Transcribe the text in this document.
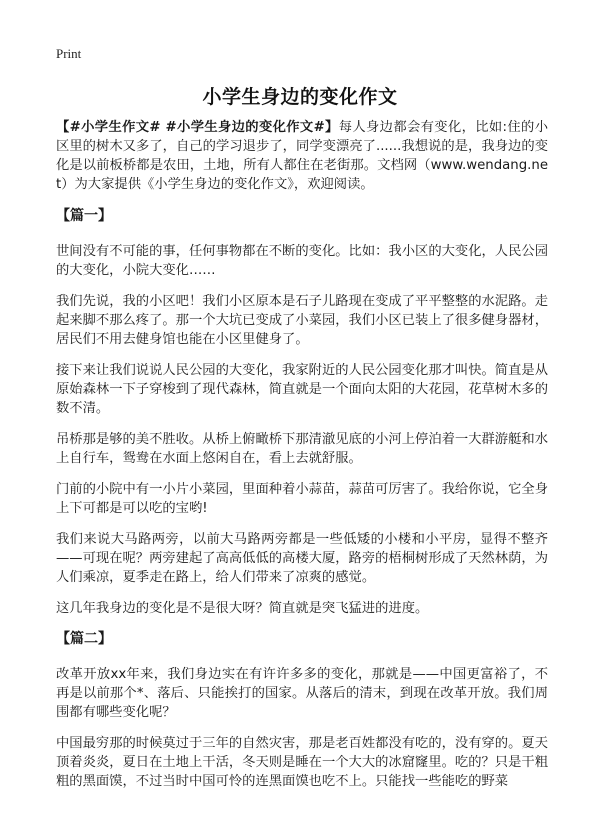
Print
小学生身边的变化作文

【#小学生作文# #小学生身边的变化作文#】每人身边都会有变化，比如:住的小区里的树木又多了，自己的学习退步了，同学变漂亮了......我想说的是，我身边的变化是以前板桥都是农田，土地，所有人都住在老街那。文档网（www.wendang.net）为大家提供《小学生身边的变化作文》，欢迎阅读。

【篇一】

世间没有不可能的事，任何事物都在不断的变化。比如：我小区的大变化，人民公园的大变化，小院大变化……

我们先说，我的小区吧！我们小区原本是石子儿路现在变成了平平整整的水泥路。走起来脚不那么疼了。那一个大坑已变成了小菜园，我们小区已装上了很多健身器材，居民们不用去健身馆也能在小区里健身了。

接下来让我们说说人民公园的大变化，我家附近的人民公园变化那才叫快。简直是从原始森林一下子穿梭到了现代森林，简直就是一个面向太阳的大花园，花草树木多的数不清。

吊桥那是够的美不胜收。从桥上俯瞰桥下那清澈见底的小河上停泊着一大群游艇和水上自行车，鸳鸯在水面上悠闲自在，看上去就舒服。

门前的小院中有一小片小菜园，里面种着小蒜苗，蒜苗可厉害了。我给你说，它全身上下可都是可以吃的宝哟!

我们来说大马路两旁，以前大马路两旁都是一些低矮的小楼和小平房，显得不整齐——可现在呢？两旁建起了高高低低的高楼大厦，路旁的梧桐树形成了天然林荫，为人们乘凉，夏季走在路上，给人们带来了凉爽的感觉。

这几年我身边的变化是不是很大呀？简直就是突飞猛进的进度。

【篇二】

改革开放xx年来，我们身边实在有许许多多的变化，那就是——中国更富裕了，不再是以前那个*、落后、只能挨打的国家。从落后的清末，到现在改革开放。我们周围都有哪些变化呢？

中国最穷那的时候莫过于三年的自然灾害，那是老百姓都没有吃的，没有穿的。夏天顶着炎炎，夏日在土地上干活，冬天则是睡在一个大大的冰窟窿里。吃的？只是干粗粗的黑面馍，不过当时中国可怜的连黑面馍也吃不上。只能找一些能吃的野菜
